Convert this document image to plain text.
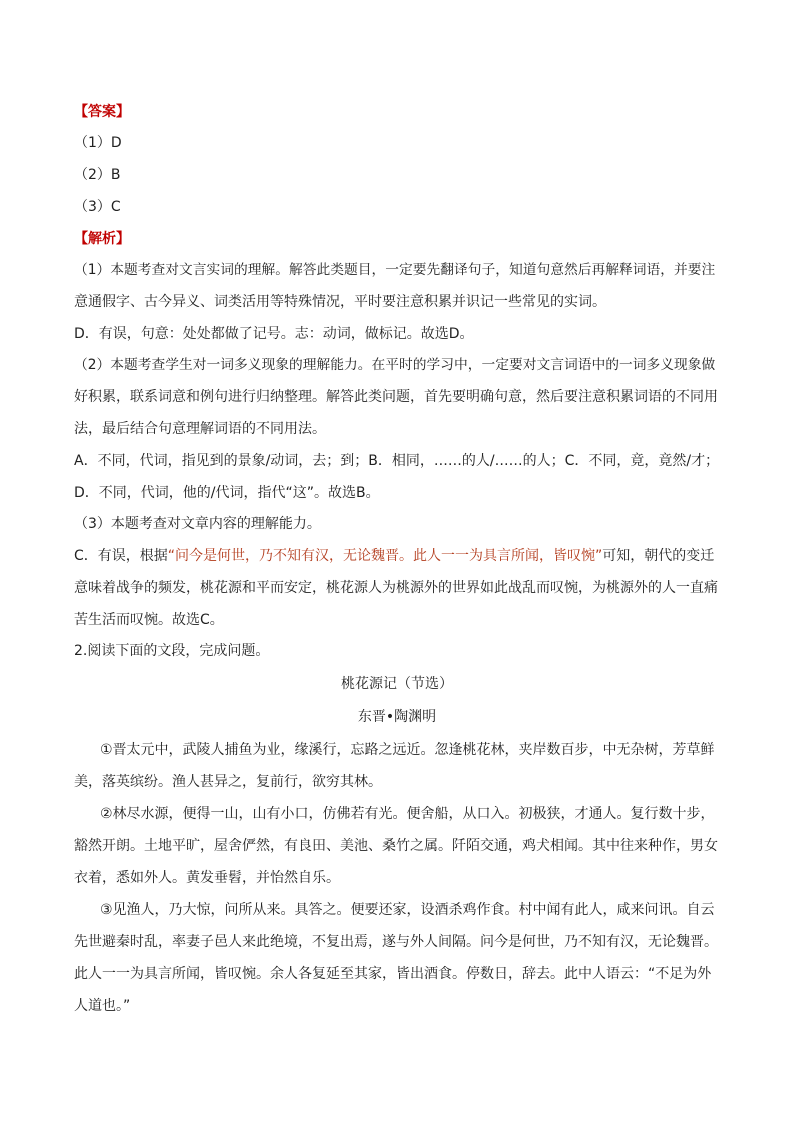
【答案】
（1）D
（2）B
（3）C
【解析】
（1）本题考查对文言实词的理解。解答此类题目，一定要先翻译句子，知道句意然后再解释词语，并要注
意通假字、古今异义、词类活用等特殊情况，平时要注意积累并识记一些常见的实词。
D．有误，句意：处处都做了记号。志：动词，做标记。故选D。
（2）本题考查学生对一词多义现象的理解能力。在平时的学习中，一定要对文言词语中的一词多义现象做
好积累，联系词意和例句进行归纳整理。解答此类问题，首先要明确句意，然后要注意积累词语的不同用
法，最后结合句意理解词语的不同用法。
A．不同，代词，指见到的景象/动词，去；到；B．相同，……的人/……的人；C．不同，竟，竟然/才；
D．不同，代词，他的/代词，指代“这”。故选B。
（3）本题考查对文章内容的理解能力。
C．有误，根据“问今是何世，乃不知有汉，无论魏晋。此人一一为具言所闻，皆叹惋”可知，朝代的变迁
意味着战争的频发，桃花源和平而安定，桃花源人为桃源外的世界如此战乱而叹惋，为桃源外的人一直痛
苦生活而叹惋。故选C。
2.阅读下面的文段，完成问题。
桃花源记（节选）
东晋•陶渊明
①晋太元中，武陵人捕鱼为业，缘溪行，忘路之远近。忽逢桃花林，夹岸数百步，中无杂树，芳草鲜
美，落英缤纷。渔人甚异之，复前行，欲穷其林。
②林尽水源，便得一山，山有小口，仿佛若有光。便舍船，从口入。初极狭，才通人。复行数十步，
豁然开朗。土地平旷，屋舍俨然，有良田、美池、桑竹之属。阡陌交通，鸡犬相闻。其中往来种作，男女
衣着，悉如外人。黄发垂髫，并怡然自乐。
③见渔人，乃大惊，问所从来。具答之。便要还家，设酒杀鸡作食。村中闻有此人，咸来问讯。自云
先世避秦时乱，率妻子邑人来此绝境，不复出焉，遂与外人间隔。问今是何世，乃不知有汉，无论魏晋。
此人一一为具言所闻，皆叹惋。余人各复延至其家，皆出酒食。停数日，辞去。此中人语云：“不足为外
人道也。”
